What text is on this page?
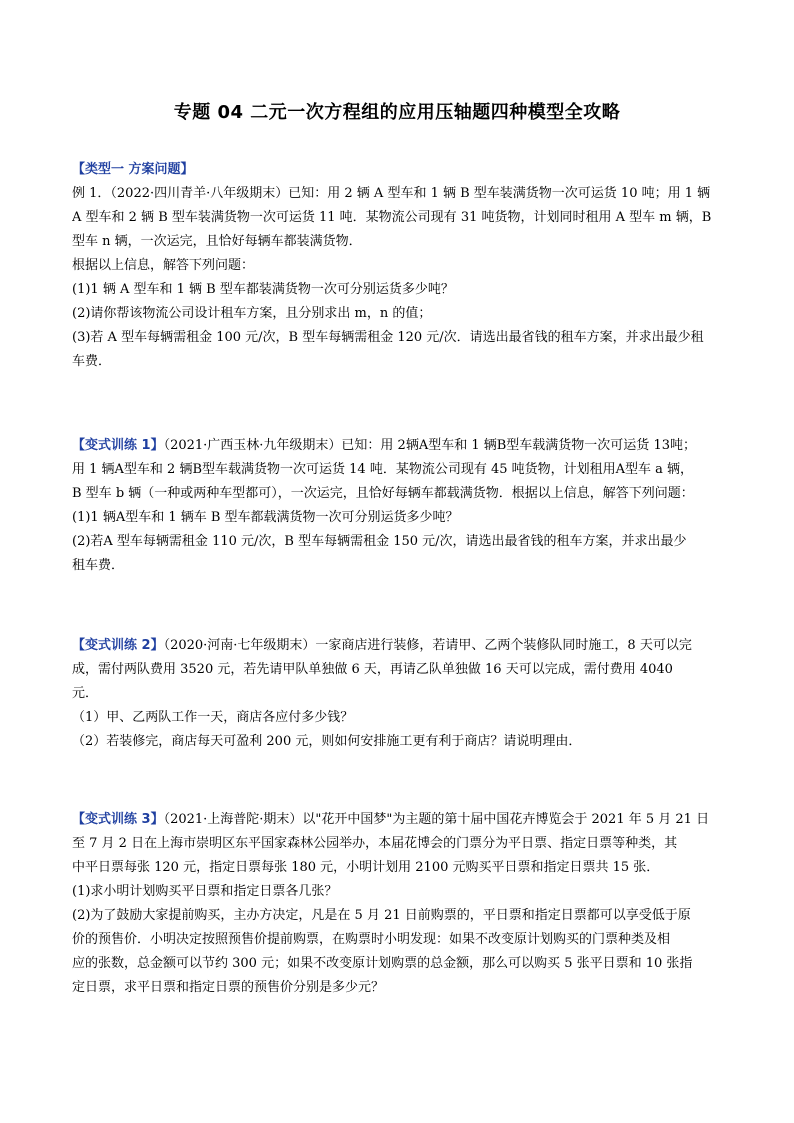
专题 04 二元一次方程组的应用压轴题四种模型全攻略
【类型一 方案问题】
例 1．（2022·四川青羊·八年级期末）已知：用 2 辆 A 型车和 1 辆 B 型车装满货物一次可运货 10 吨；用 1 辆
A 型车和 2 辆 B 型车装满货物一次可运货 11 吨．某物流公司现有 31 吨货物，计划同时租用 A 型车 m 辆，B
型车 n 辆，一次运完，且恰好每辆车都装满货物．
根据以上信息，解答下列问题：
(1)1 辆 A 型车和 1 辆 B 型车都装满货物一次可分别运货多少吨？
(2)请你帮该物流公司设计租车方案，且分别求出 m，n 的值；
(3)若 A 型车每辆需租金 100 元/次，B 型车每辆需租金 120 元/次．请选出最省钱的租车方案，并求出最少租
车费．
【变式训练 1】（2021·广西玉林·九年级期末）已知：用 2辆A型车和 1 辆B型车载满货物一次可运货 13吨；
用 1 辆A型车和 2 辆B型车载满货物一次可运货 14 吨．某物流公司现有 45 吨货物，计划租用A型车 a 辆，
B 型车 b 辆（一种或两种车型都可），一次运完，且恰好每辆车都载满货物．根据以上信息，解答下列问题：
(1)1 辆A型车和 1 辆车 B 型车都载满货物一次可分别运货多少吨？
(2)若A 型车每辆需租金 110 元/次，B 型车每辆需租金 150 元/次，请选出最省钱的租车方案，并求出最少
租车费．
【变式训练 2】（2020·河南·七年级期末）一家商店进行装修，若请甲、乙两个装修队同时施工，8 天可以完
成，需付两队费用 3520 元，若先请甲队单独做 6 天，再请乙队单独做 16 天可以完成，需付费用 4040
元．
（1）甲、乙两队工作一天，商店各应付多少钱？
（2）若装修完，商店每天可盈利 200 元，则如何安排施工更有利于商店？请说明理由．
【变式训练 3】（2021·上海普陀·期末）以"花开中国梦"为主题的第十届中国花卉博览会于 2021 年 5 月 21 日
至 7 月 2 日在上海市崇明区东平国家森林公园举办，本届花博会的门票分为平日票、指定日票等种类，其
中平日票每张 120 元，指定日票每张 180 元，小明计划用 2100 元购买平日票和指定日票共 15 张．
(1)求小明计划购买平日票和指定日票各几张？
(2)为了鼓励大家提前购买，主办方决定，凡是在 5 月 21 日前购票的，平日票和指定日票都可以享受低于原
价的预售价．小明决定按照预售价提前购票，在购票时小明发现：如果不改变原计划购买的门票种类及相
应的张数，总金额可以节约 300 元；如果不改变原计划购票的总金额，那么可以购买 5 张平日票和 10 张指
定日票，求平日票和指定日票的预售价分别是多少元？
